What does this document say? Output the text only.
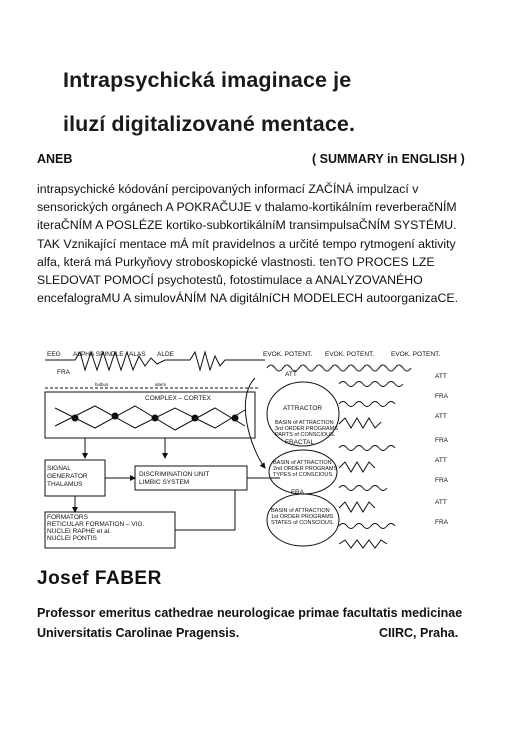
Intrapsychická imaginace je
iluzí digitalizované mentace.
ANEB	( SUMMARY in ENGLISH )
intrapsychické kódování percipovaných informací ZAČÍNÁ impulzací v
sensorických orgánech A POKRAČUJE v thalamo-kortikálním reverberačNÍM
iteraČNÍM A POSLÉZE kortiko-subkortikálníM transimpulsaČNÍM SYSTÉMU.
TAK Vznikající mentace mÁ mít pravidelnos a určité tempo rytmogení aktivity
alfa, která má Purkyňovy stroboskopické vlastnosti. tenTO PROCES LZE
SLEDOVAT POMOCÍ psychotestů, fotostimulace a ANALYZOVANÉHO
encefalograMU A simulovÁNÍM NA digitálníCH MODELECH autoorganizaCE.
EEG ALPHA SPINDLE - ALAS ALDE	EVOK. POTENT. EVOK. POTENT.	EVOK. POTENT.
FRA	ATT
bulbus	alarm
COMPLEX – CORTEX
ATTRACTOR
BASIN of ATTRACTION
3rd ORDER PROGRAMS
PARTS of CONSCIOUS.
FRACTAL
BASIN of ATTRACTION
2nd ORDER PROGRAMS
TYPES of CONSCIOUS.
FRA
BASIN of ATTRACTION
1st ORDER PROGRAMS
STATES of CONSCIOUS.
SIGNAL
GENERATOR
THALAMUS
DISCRIMINATION UNIT
LIMBIC SYSTEM
FORMATORS
RETICULAR FORMATION – VIG.
NUCLEI RAPHE et al.
NUCLEI PONTIS
ATT
FRA
ATT
FRA
ATT
FRA
ATT
FRA
Josef FABER
Professor emeritus cathedrae neurologicae primae facultatis medicinae
Universitatis Carolinae Pragensis.	CIIRC, Praha.
